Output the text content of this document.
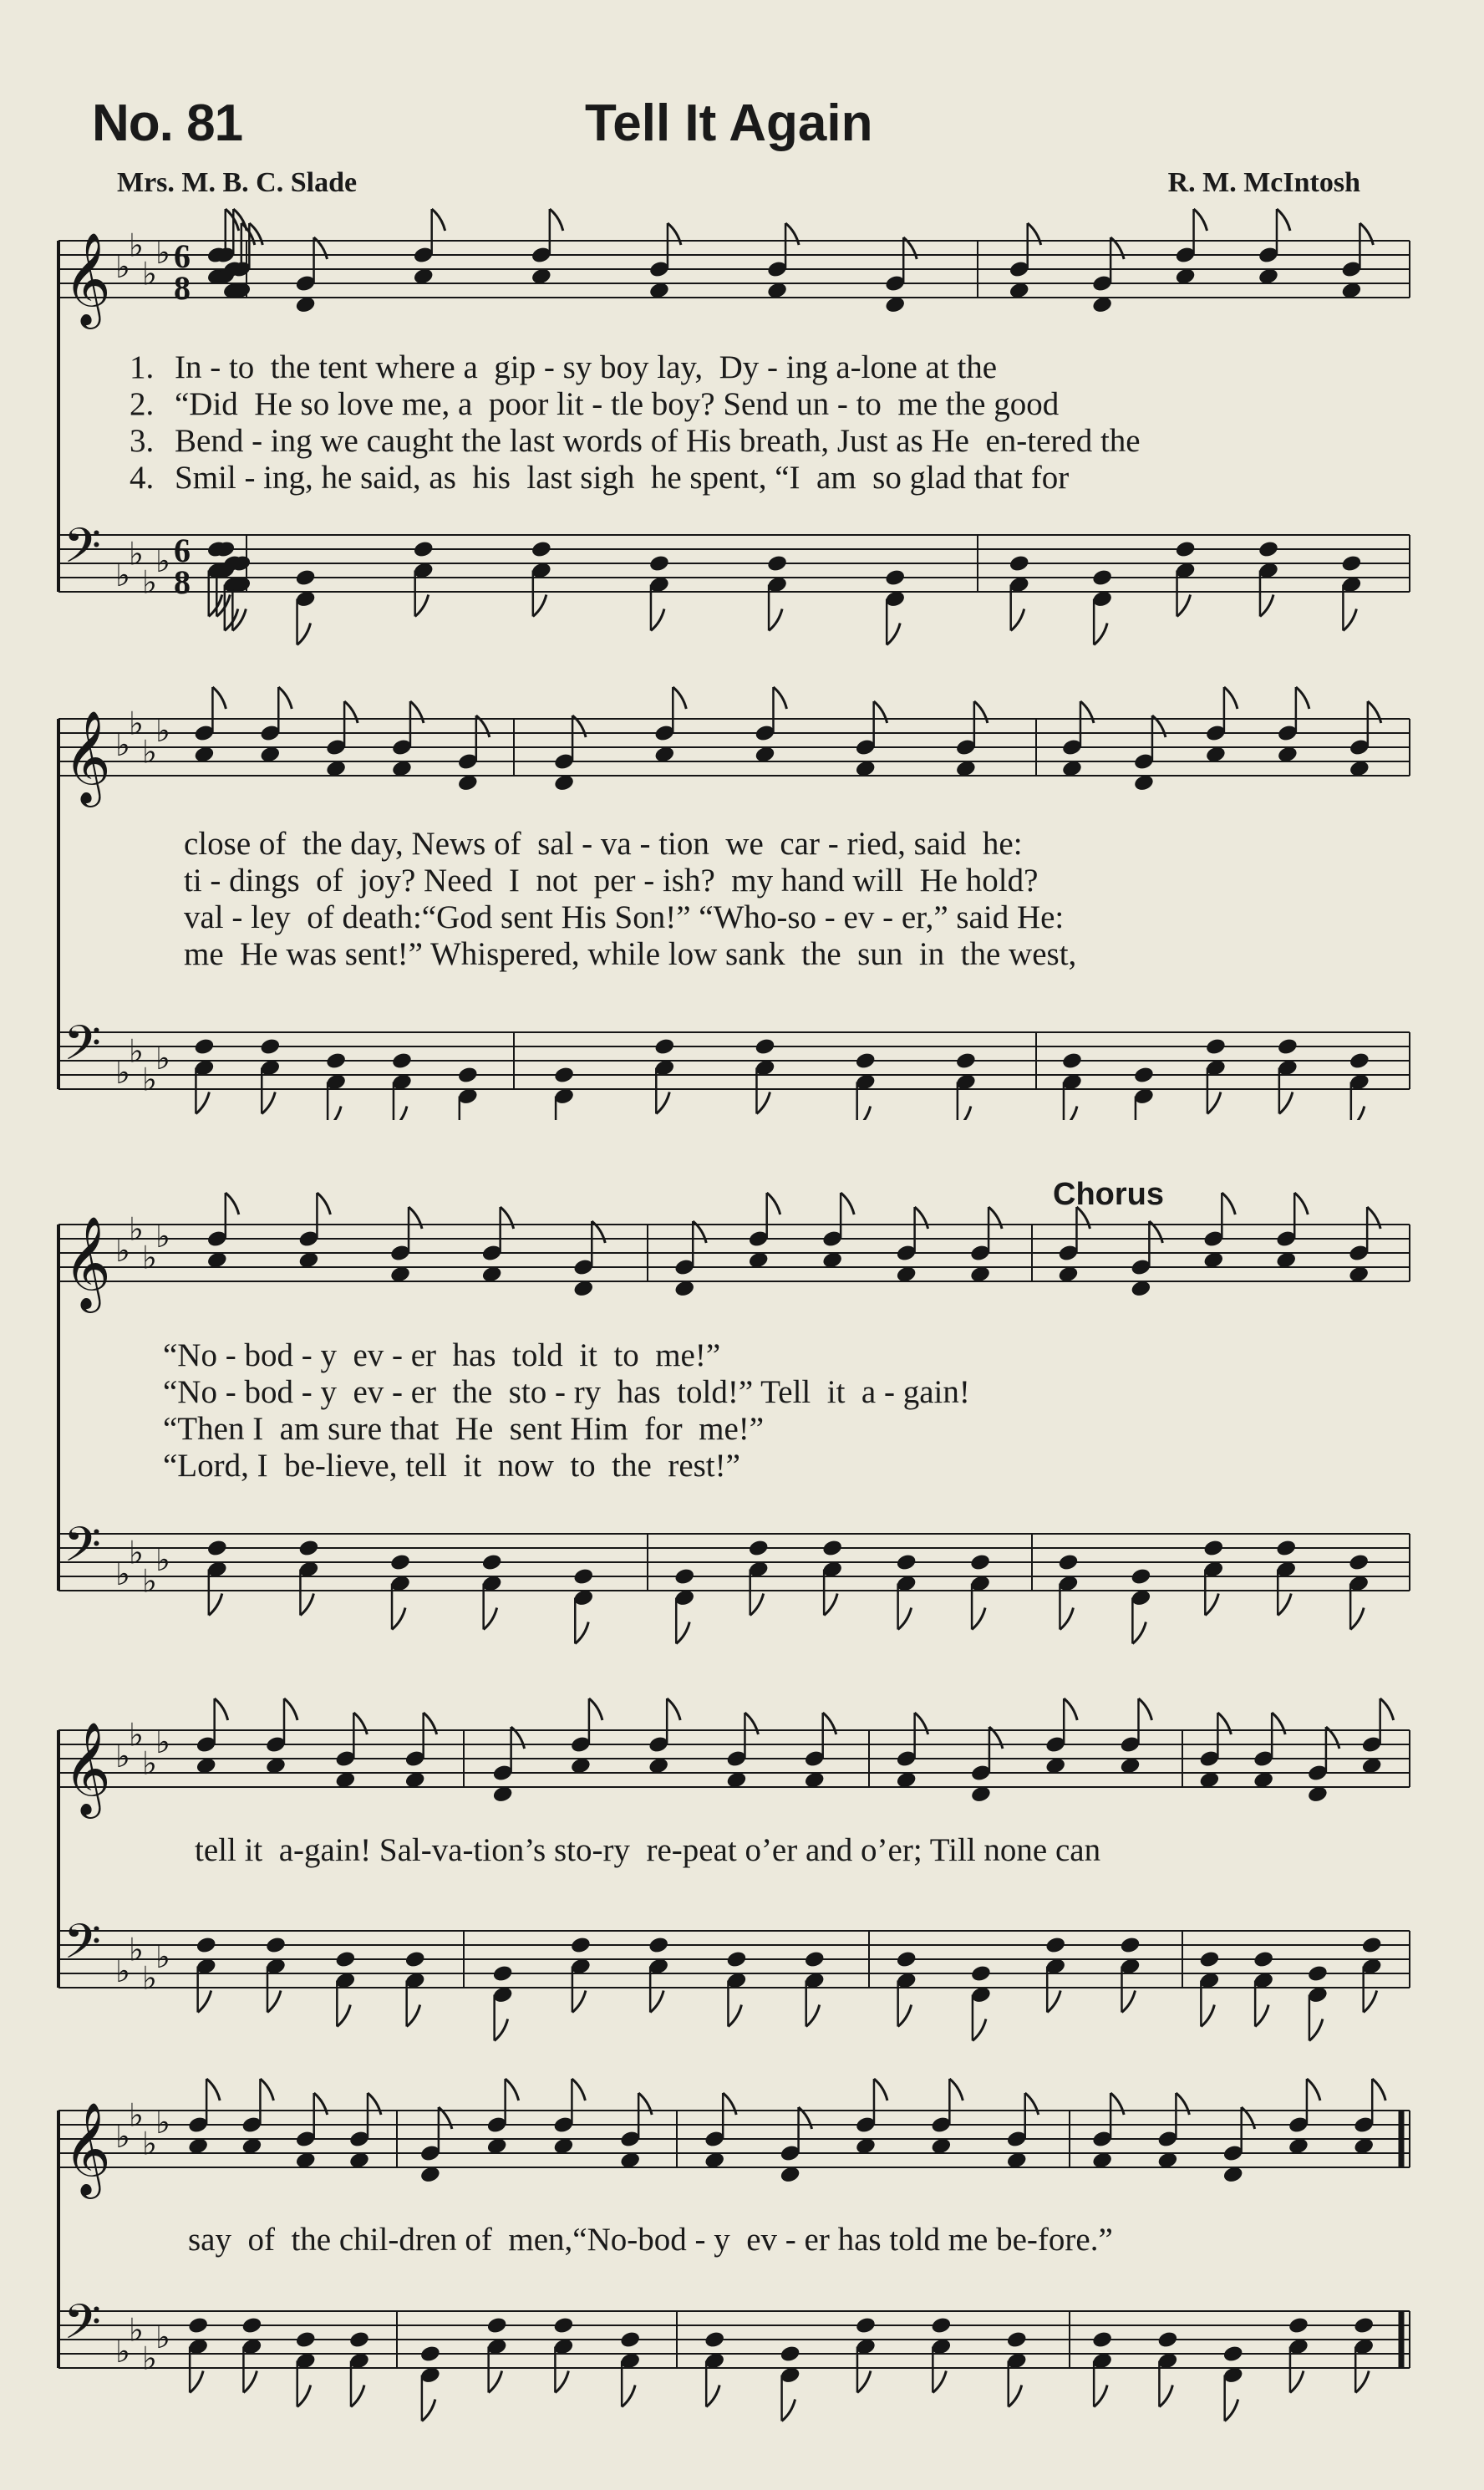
No. 81	Tell It Again
Mrs. M. B. C. Slade	R. M. McIntosh
𝄞 ♭
♭
♭
♭ 6
8
𝄢 ♭
♭
♭
♭ 6
8
1. In - to  the tent where a  gip - sy boy lay,  Dy - ing a-lone at the
2. “Did  He so love me, a  poor lit - tle boy? Send un - to  me the good
3. Bend - ing we caught the last words of His breath, Just as He  en-tered the
4. Smil - ing, he said, as  his  last sigh  he spent, “I  am  so glad that for
𝄞 ♭
♭
♭
♭
𝄢 ♭
♭
♭
♭
close of  the day, News of  sal - va - tion  we  car - ried, said  he:
ti - dings  of  joy? Need  I  not  per - ish?  my hand will  He hold?
val - ley  of death:“God sent His Son!” “Who-so - ev - er,” said He:
me  He was sent!” Whispered, while low sank  the  sun  in  the west,
Chorus
𝄞 ♭
♭
♭
♭
𝄢 ♭
♭
♭
♭
“No - bod - y  ev - er  has  told  it  to  me!”
“No - bod - y  ev - er  the  sto - ry  has  told!” Tell  it  a - gain!
“Then I  am sure that  He  sent Him  for  me!”
“Lord, I  be-lieve, tell  it  now  to  the  rest!”
𝄞 ♭
♭
♭
♭
𝄢 ♭
♭
♭
♭
tell it  a-gain! Sal-va-tion’s sto-ry  re-peat o’er and o’er; Till none can
𝄞 ♭
♭
♭
♭
𝄢 ♭
♭
♭
♭
say  of  the chil-dren of  men,“No-bod - y  ev - er has told me be-fore.”
